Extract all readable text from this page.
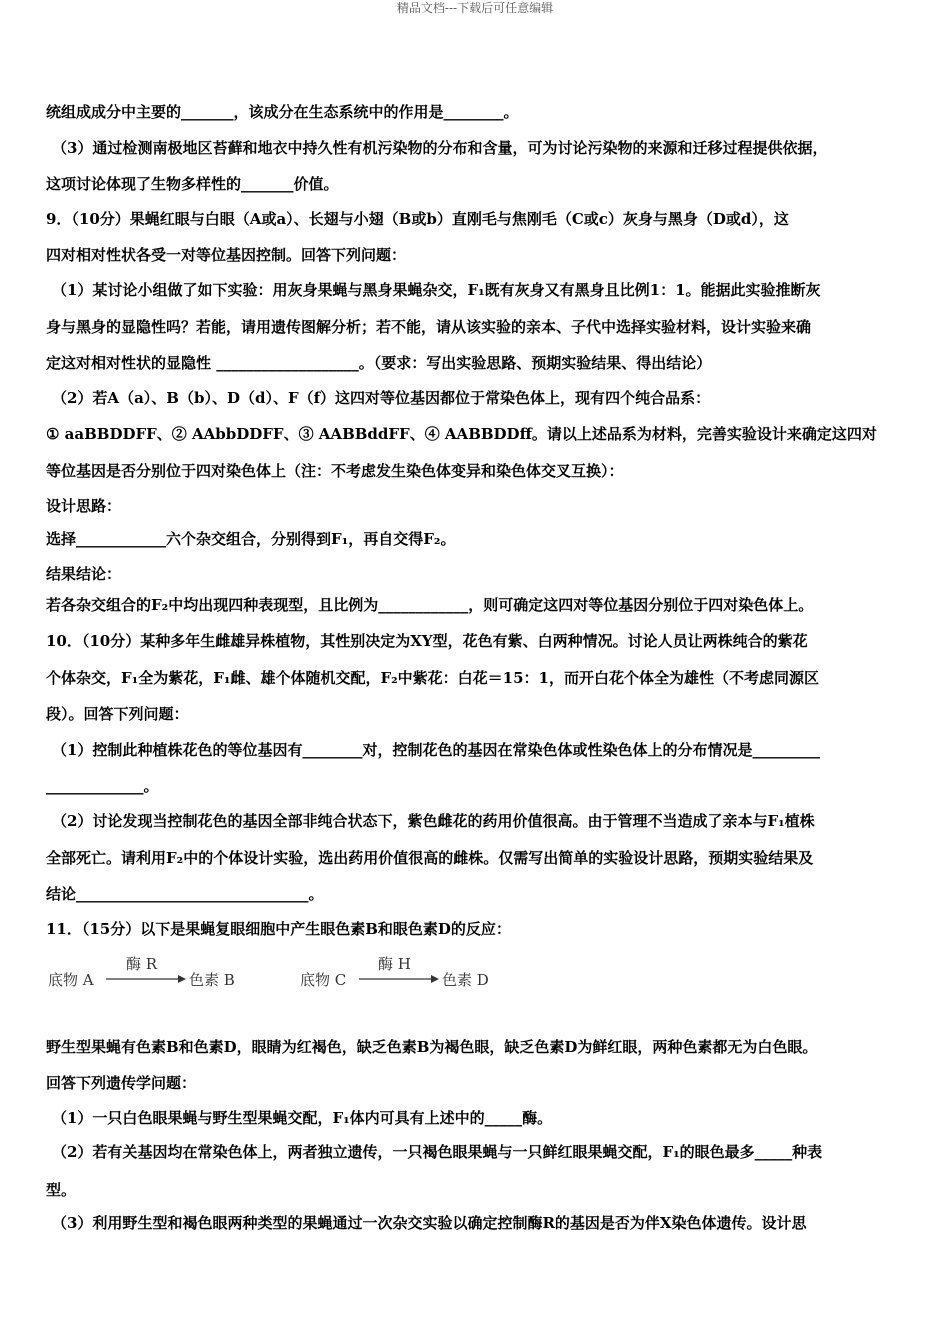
精品文档---下载后可任意编辑
统组成成分中主要的_______，该成分在生态系统中的作用是________。
（3）通过检测南极地区苔藓和地衣中持久性有机污染物的分布和含量，可为讨论污染物的来源和迁移过程提供依据，
这项讨论体现了生物多样性的_______价值。
9．（10分）果蝇红眼与白眼（A或a）、长翅与小翅（B或b）直刚毛与焦刚毛（C或c）灰身与黑身（D或d），这
四对相对性状各受一对等位基因控制。回答下列问题：
（1）某讨论小组做了如下实验：用灰身果蝇与黑身果蝇杂交，F₁既有灰身又有黑身且比例1：1。能据此实验推断灰
身与黑身的显隐性吗？若能，请用遗传图解分析；若不能，请从该实验的亲本、子代中选择实验材料，设计实验来确
定这对相对性状的显隐性 ___________________。（要求：写出实验思路、预期实验结果、得出结论）
（2）若A（a）、B（b）、D（d）、F（f）这四对等位基因都位于常染色体上，现有四个纯合品系：
① aaBBDDFF、② AAbbDDFF、③ AABBddFF、④ AABBDDff。请以上述品系为材料，完善实验设计来确定这四对
等位基因是否分别位于四对染色体上（注：不考虑发生染色体变异和染色体交叉互换）：
设计思路：
选择____________六个杂交组合，分别得到F₁，再自交得F₂。
结果结论：
若各杂交组合的F₂中均出现四种表现型，且比例为____________，则可确定这四对等位基因分别位于四对染色体上。
10．（10分）某种多年生雌雄异株植物，其性别决定为XY型，花色有紫、白两种情况。讨论人员让两株纯合的紫花
个体杂交，F₁全为紫花，F₁雌、雄个体随机交配，F₂中紫花：白花＝15：1，而开白花个体全为雄性（不考虑同源区
段）。回答下列问题：
（1）控制此种植株花色的等位基因有________对，控制花色的基因在常染色体或性染色体上的分布情况是_________
_____________。
（2）讨论发现当控制花色的基因全部非纯合状态下，紫色雌花的药用价值很高。由于管理不当造成了亲本与F₁植株
全部死亡。请利用F₂中的个体设计实验，选出药用价值很高的雌株。仅需写出简单的实验设计思路，预期实验结果及
结论_______________________________。
11．（15分）以下是果蝇复眼细胞中产生眼色素B和眼色素D的反应：
底物 A
酶 R
色素 B	底物 C
酶 H
色素 D
野生型果蝇有色素B和色素D，眼睛为红褐色，缺乏色素B为褐色眼，缺乏色素D为鲜红眼，两种色素都无为白色眼。
回答下列遗传学问题：
（1）一只白色眼果蝇与野生型果蝇交配，F₁体内可具有上述中的_____酶。
（2）若有关基因均在常染色体上，两者独立遗传，一只褐色眼果蝇与一只鲜红眼果蝇交配，F₁的眼色最多_____种表
型。
（3）利用野生型和褐色眼两种类型的果蝇通过一次杂交实验以确定控制酶R的基因是否为伴X染色体遗传。设计思
